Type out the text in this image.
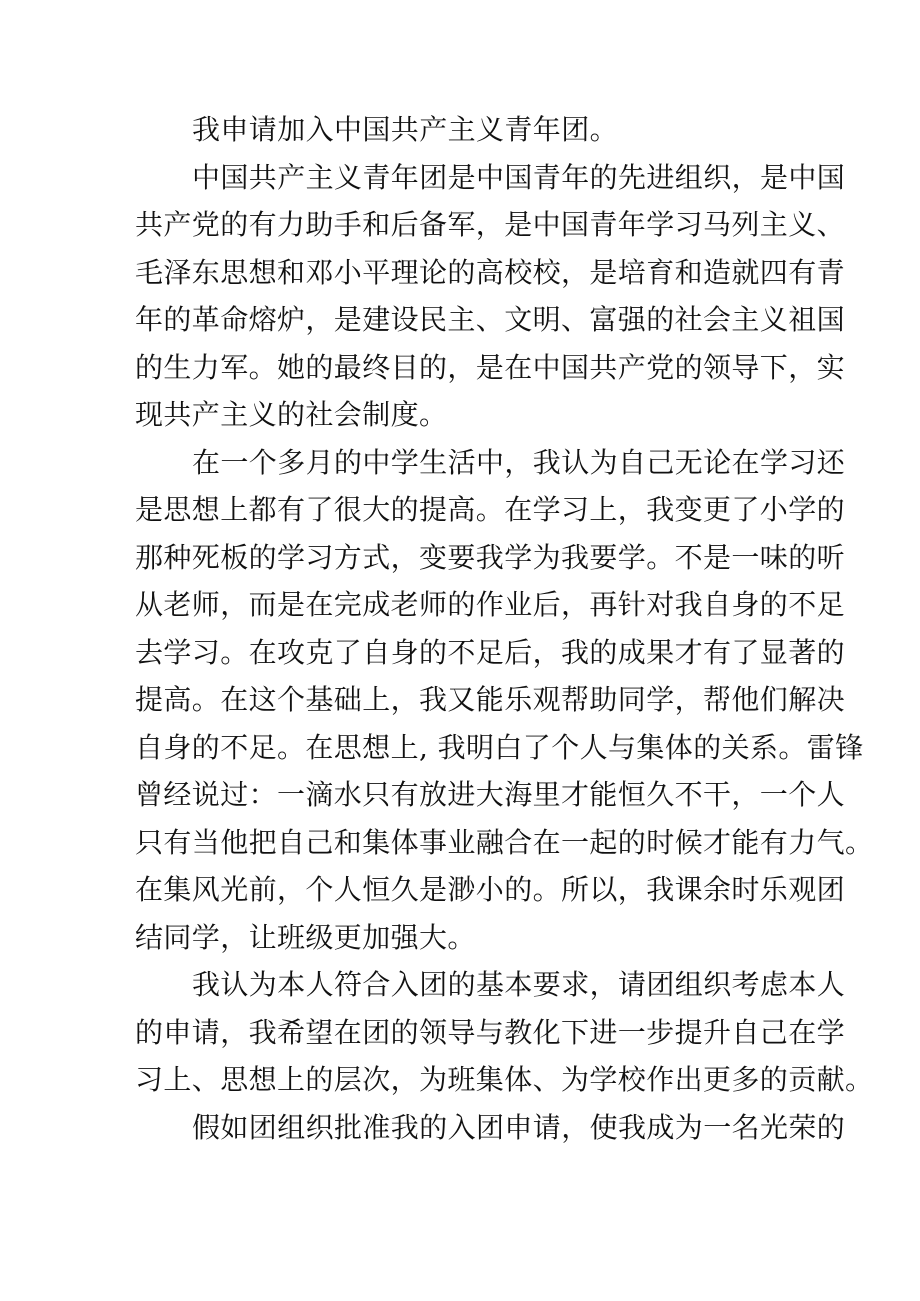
我申请加入中国共产主义青年团。
中国共产主义青年团是中国青年的先进组织，是中国
共产党的有力助手和后备军，是中国青年学习马列主义、
毛泽东思想和邓小平理论的高校校，是培育和造就四有青
年的革命熔炉，是建设民主、文明、富强的社会主义祖国
的生力军。她的最终目的，是在中国共产党的领导下，实
现共产主义的社会制度。
在一个多月的中学生活中，我认为自己无论在学习还
是思想上都有了很大的提高。在学习上，我变更了小学的
那种死板的学习方式，变要我学为我要学。不是一味的听
从老师，而是在完成老师的作业后，再针对我自身的不足
去学习。在攻克了自身的不足后，我的成果才有了显著的
提高。在这个基础上，我又能乐观帮助同学，帮他们解决
自身的不足。在思想上, 我明白了个人与集体的关系。雷锋
曾经说过：一滴水只有放进大海里才能恒久不干，一个人
只有当他把自己和集体事业融合在一起的时候才能有力气。
在集风光前，个人恒久是渺小的。所以，我课余时乐观团
结同学，让班级更加强大。
我认为本人符合入团的基本要求，请团组织考虑本人
的申请，我希望在团的领导与教化下进一步提升自己在学
习上、思想上的层次，为班集体、为学校作出更多的贡献。
假如团组织批准我的入团申请，使我成为一名光荣的
